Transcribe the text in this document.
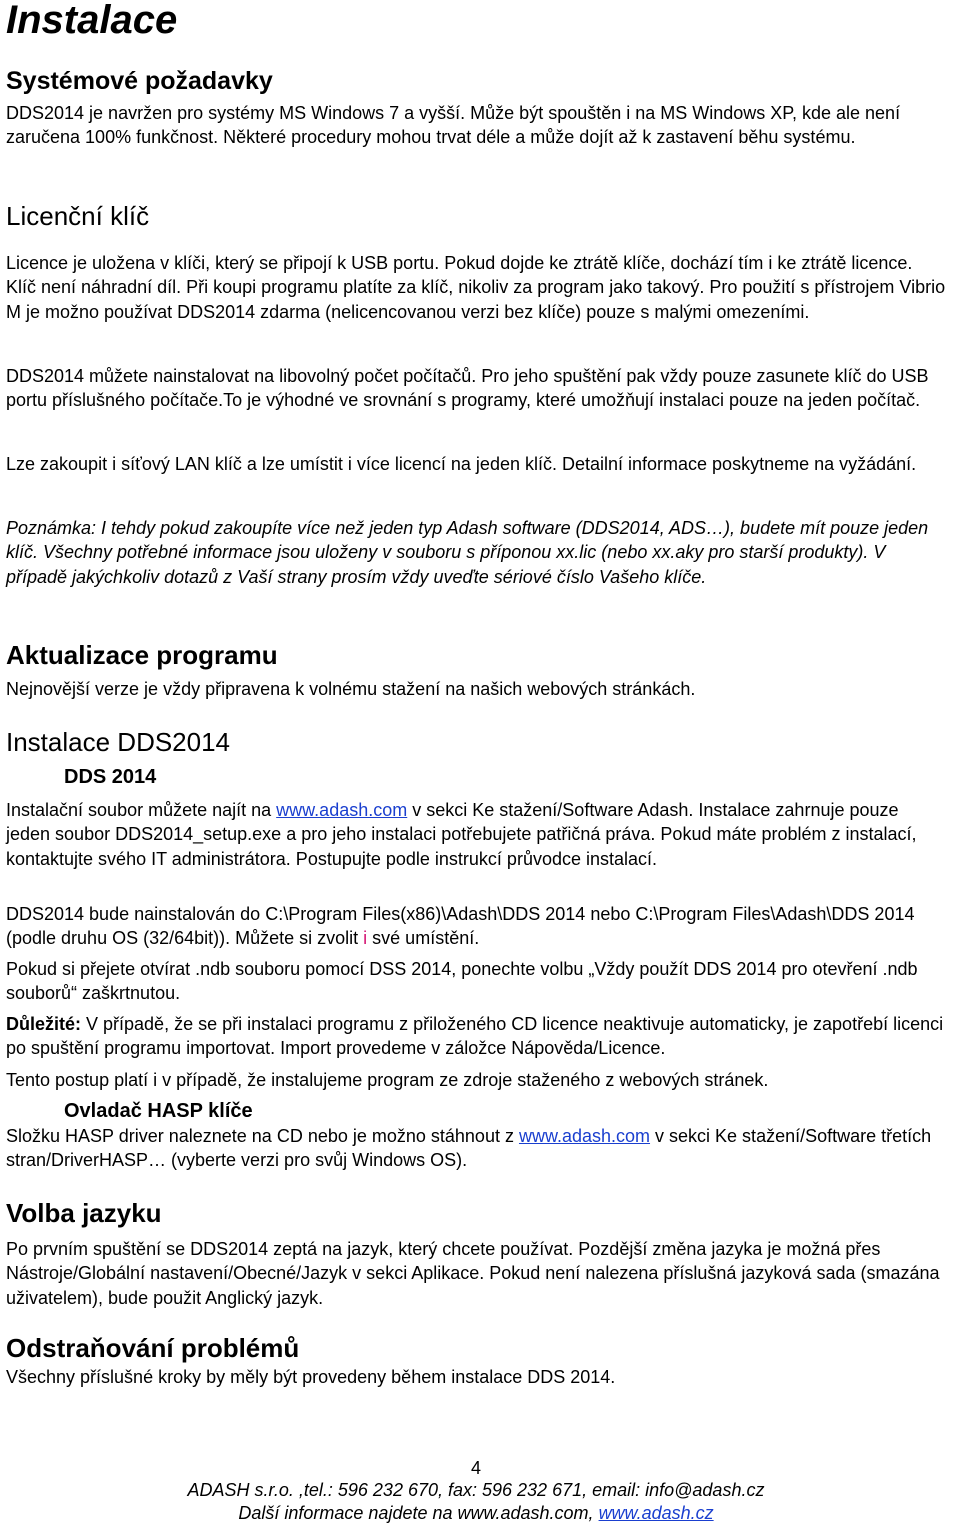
Instalace
Systémové požadavky
DDS2014 je navržen pro systémy MS Windows 7 a vyšší. Může být spouštěn i na MS Windows XP, kde ale není zaručena 100% funkčnost. Některé procedury mohou trvat déle a může dojít až k zastavení běhu systému.
Licenční klíč
Licence je uložena v klíči, který se připojí k USB portu. Pokud dojde ke ztrátě klíče, dochází tím i ke ztrátě licence. Klíč není náhradní díl. Při koupi programu platíte za klíč, nikoliv za program jako takový. Pro použití s přístrojem Vibrio M je možno používat DDS2014 zdarma (nelicencovanou verzi bez klíče) pouze s malými omezeními.
DDS2014 můžete nainstalovat na libovolný počet počítačů. Pro jeho spuštění pak vždy pouze zasunete klíč do USB portu příslušného počítače.To je výhodné ve srovnání s programy, které umožňují instalaci pouze na jeden počítač.
Lze zakoupit i síťový LAN klíč a lze umístit i více licencí na jeden klíč. Detailní informace poskytneme na vyžádání.
Poznámka: I tehdy pokud zakoupíte více než jeden typ Adash software (DDS2014, ADS…), budete mít pouze jeden klíč. Všechny potřebné informace jsou uloženy v souboru s příponou xx.lic (nebo xx.aky pro starší produkty). V případě jakýchkoliv dotazů z Vaší strany prosím vždy uveďte sériové číslo Vašeho klíče.
Aktualizace programu
Nejnovější verze je vždy připravena k volnému stažení na našich webových stránkách.
Instalace DDS2014
DDS 2014
Instalační soubor můžete najít na www.adash.com v sekci Ke stažení/Software Adash. Instalace zahrnuje pouze jeden soubor DDS2014_setup.exe a pro jeho instalaci potřebujete patřičná práva. Pokud máte problém z instalací, kontaktujte svého IT administrátora. Postupujte podle instrukcí průvodce instalací.
DDS2014 bude nainstalován do C:\Program Files(x86)\Adash\DDS 2014 nebo C:\Program Files\Adash\DDS 2014 (podle druhu OS (32/64bit)). Můžete si zvolit i své umístění.
Pokud si přejete otvírat .ndb souboru pomocí DSS 2014, ponechte volbu „Vždy použít DDS 2014 pro otevření .ndb souborů“ zaškrtnutou.
Důležité: V případě, že se při instalaci programu z přiloženého CD licence neaktivuje automaticky, je zapotřebí licenci po spuštění programu importovat. Import provedeme v záložce Nápověda/Licence.
Tento postup platí i v případě, že instalujeme program ze zdroje staženého z webových stránek.
Ovladač HASP klíče
Složku HASP driver naleznete na CD nebo je možno stáhnout z www.adash.com v sekci Ke stažení/Software třetích stran/DriverHASP… (vyberte verzi pro svůj Windows OS).
Volba jazyku
Po prvním spuštění se DDS2014 zeptá na jazyk, který chcete používat. Pozdější změna jazyka je možná přes Nástroje/Globální nastavení/Obecné/Jazyk v sekci Aplikace. Pokud není nalezena příslušná jazyková sada (smazána uživatelem), bude použit Anglický jazyk.
Odstraňování problémů
Všechny příslušné kroky by měly být provedeny během instalace DDS 2014.
4
ADASH s.r.o. ,tel.: 596 232 670, fax: 596 232 671, email: info@adash.cz
Další informace najdete na www.adash.com, www.adash.cz
